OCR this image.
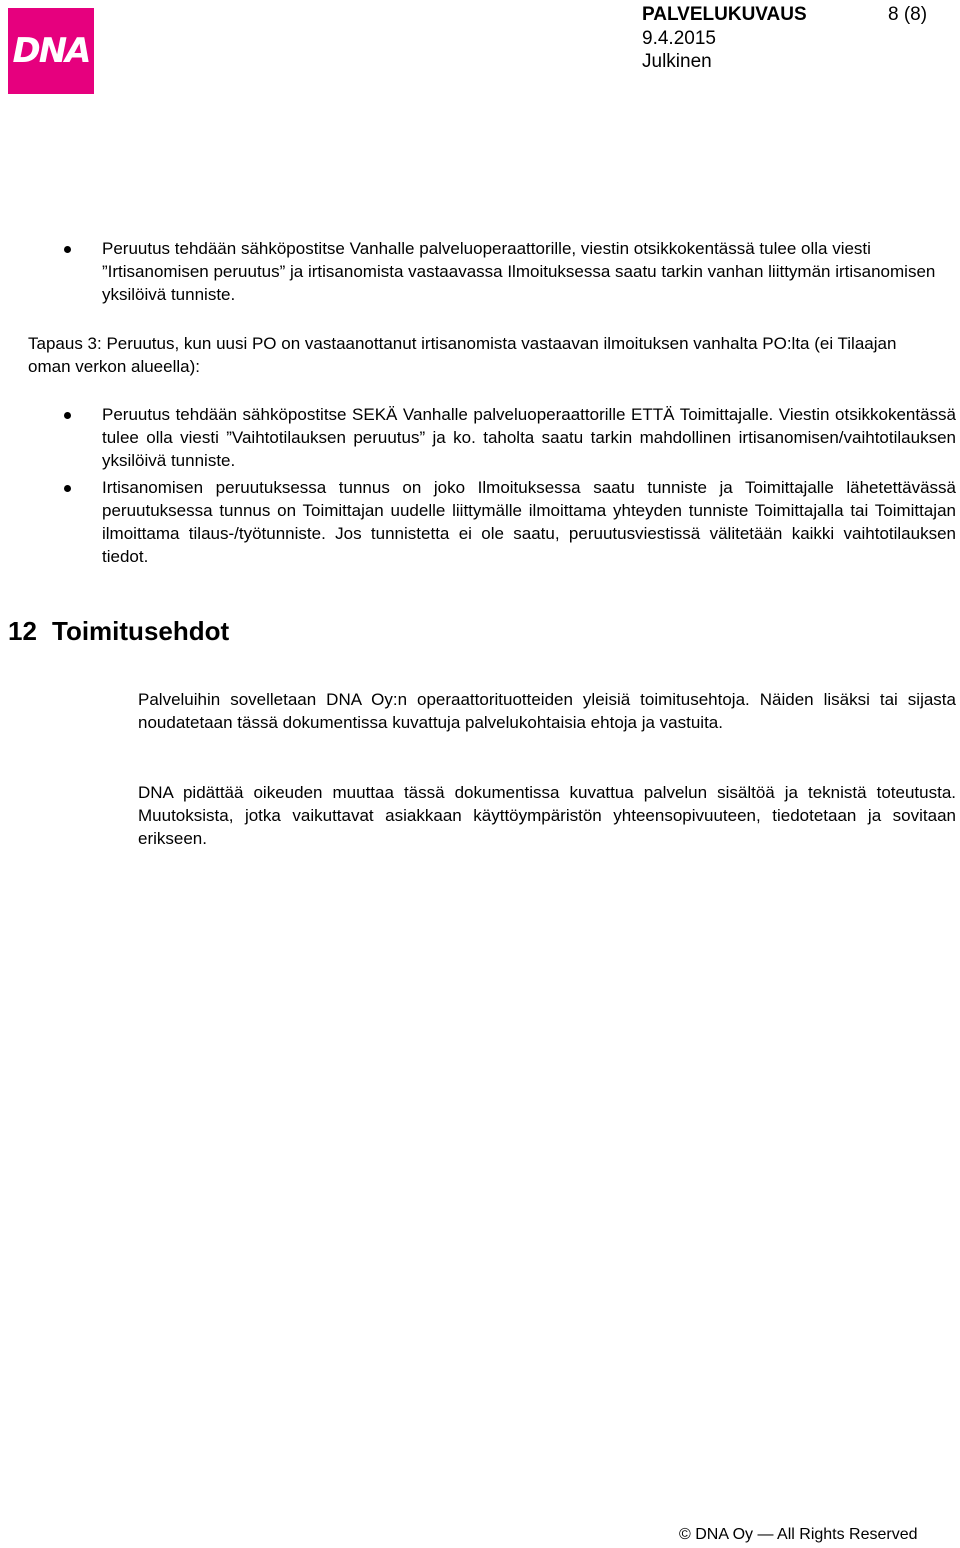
DNA
PALVELUKUVAUS	8 (8)
9.4.2015
Julkinen
Peruutus tehdään sähköpostitse Vanhalle palveluoperaattorille, viestin otsikkokentässä tulee olla viesti ”Irtisanomisen peruutus” ja irtisanomista vastaavassa Ilmoituksessa saatu tarkin vanhan liittymän irtisanomisen yksilöivä tunniste.
Tapaus 3: Peruutus, kun uusi PO on vastaanottanut irtisanomista vastaavan ilmoituksen vanhalta PO:lta (ei Tilaajan oman verkon alueella):
Peruutus tehdään sähköpostitse SEKÄ Vanhalle palveluoperaattorille ETTÄ Toimittajalle. Viestin otsikkokentässä tulee olla viesti ”Vaihtotilauksen peruutus” ja ko. taholta saatu tarkin mahdollinen irtisanomisen/vaihtotilauksen yksilöivä tunniste.
Irtisanomisen peruutuksessa tunnus on joko Ilmoituksessa saatu tunniste ja Toimittajalle lähetettävässä peruutuksessa tunnus on Toimittajan uudelle liittymälle ilmoittama yhteyden tunniste Toimittajalla tai Toimittajan ilmoittama tilaus-/työtunniste. Jos tunnistetta ei ole saatu, peruutusviestissä välitetään kaikki vaihtotilauksen tiedot.
12 Toimitusehdot
Palveluihin sovelletaan DNA Oy:n operaattorituotteiden yleisiä toimitusehtoja. Näiden lisäksi tai sijasta noudatetaan tässä dokumentissa kuvattuja palvelukohtaisia ehtoja ja vastuita.
DNA pidättää oikeuden muuttaa tässä dokumentissa kuvattua palvelun sisältöä ja teknistä toteutusta. Muutoksista, jotka vaikuttavat asiakkaan käyttöympäristön yhteensopivuuteen, tiedotetaan ja sovitaan erikseen.
© DNA Oy — All Rights Reserved
